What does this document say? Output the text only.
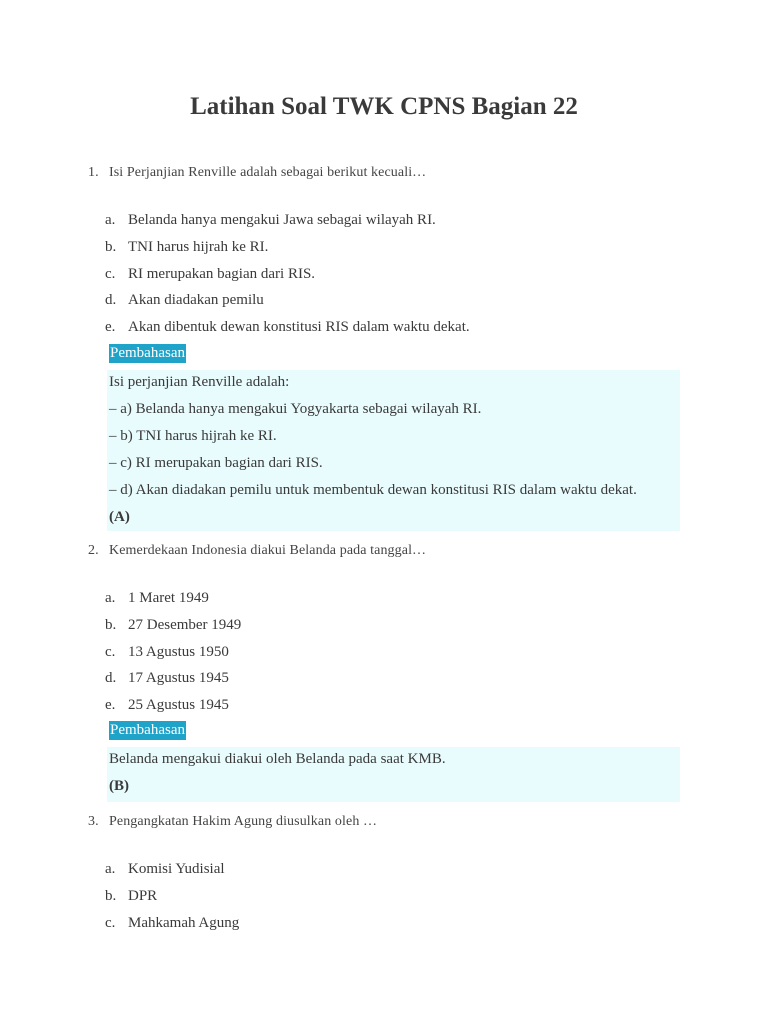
Latihan Soal TWK CPNS Bagian 22
1. Isi Perjanjian Renville adalah sebagai berikut kecuali…
a. Belanda hanya mengakui Jawa sebagai wilayah RI.
b. TNI harus hijrah ke RI.
c. RI merupakan bagian dari RIS.
d. Akan diadakan pemilu
e. Akan dibentuk dewan konstitusi RIS dalam waktu dekat.
Pembahasan
Isi perjanjian Renville adalah:
– a) Belanda hanya mengakui Yogyakarta sebagai wilayah RI.
– b) TNI harus hijrah ke RI.
– c) RI merupakan bagian dari RIS.
– d) Akan diadakan pemilu untuk membentuk dewan konstitusi RIS dalam waktu dekat.
(A)
2. Kemerdekaan Indonesia diakui Belanda pada tanggal…
a. 1 Maret 1949
b. 27 Desember 1949
c. 13 Agustus 1950
d. 17 Agustus 1945
e. 25 Agustus 1945
Pembahasan
Belanda mengakui diakui oleh Belanda pada saat KMB.
(B)
3. Pengangkatan Hakim Agung diusulkan oleh …
a. Komisi Yudisial
b. DPR
c. Mahkamah Agung
